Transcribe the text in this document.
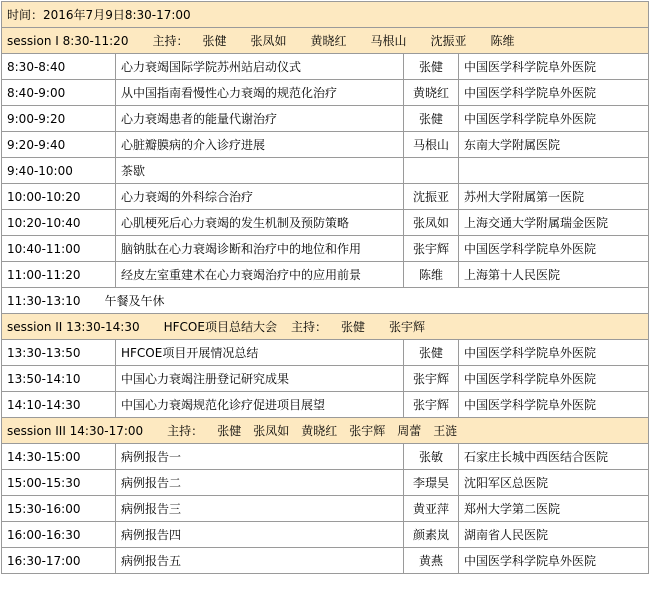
时间：2016年7月9日8:30-17:00			
session I 8:30-11:20 主持： 张健　　张凤如　　黄晓红　　马根山　　沈振亚　　陈维			
8:30-8:40	心力衰竭国际学院苏州站启动仪式	张健	中国医学科学院阜外医院
8:40-9:00	从中国指南看慢性心力衰竭的规范化治疗	黄晓红	中国医学科学院阜外医院
9:00-9:20	心力衰竭患者的能量代谢治疗	张健	中国医学科学院阜外医院
9:20-9:40	心脏瓣膜病的介入诊疗进展	马根山	东南大学附属医院
9:40-10:00	茶歇		
10:00-10:20	心力衰竭的外科综合治疗	沈振亚	苏州大学附属第一医院
10:20-10:40	心肌梗死后心力衰竭的发生机制及预防策略	张凤如	上海交通大学附属瑞金医院
10:40-11:00	脑钠肽在心力衰竭诊断和治疗中的地位和作用	张宇辉	中国医学科学院阜外医院
11:00-11:20	经皮左室重建术在心力衰竭治疗中的应用前景	陈维	上海第十人民医院
11:30-13:10 午餐及午休			
session II 13:30-14:30 HFCOE项目总结大会 主持： 张健　　张宇辉			
13:30-13:50	HFCOE项目开展情况总结	张健	中国医学科学院阜外医院
13:50-14:10	中国心力衰竭注册登记研究成果	张宇辉	中国医学科学院阜外医院
14:10-14:30	中国心力衰竭规范化诊疗促进项目展望	张宇辉	中国医学科学院阜外医院
session III 14:30-17:00 主持： 张健　张凤如　黄晓红　张宇辉　周蕾　王涟			
14:30-15:00	病例报告一	张敏	石家庄长城中西医结合医院
15:00-15:30	病例报告二	李璟昊	沈阳军区总医院
15:30-16:00	病例报告三	黄亚萍	郑州大学第二医院
16:00-16:30	病例报告四	颜素岚	湖南省人民医院
16:30-17:00	病例报告五	黄燕	中国医学科学院阜外医院
